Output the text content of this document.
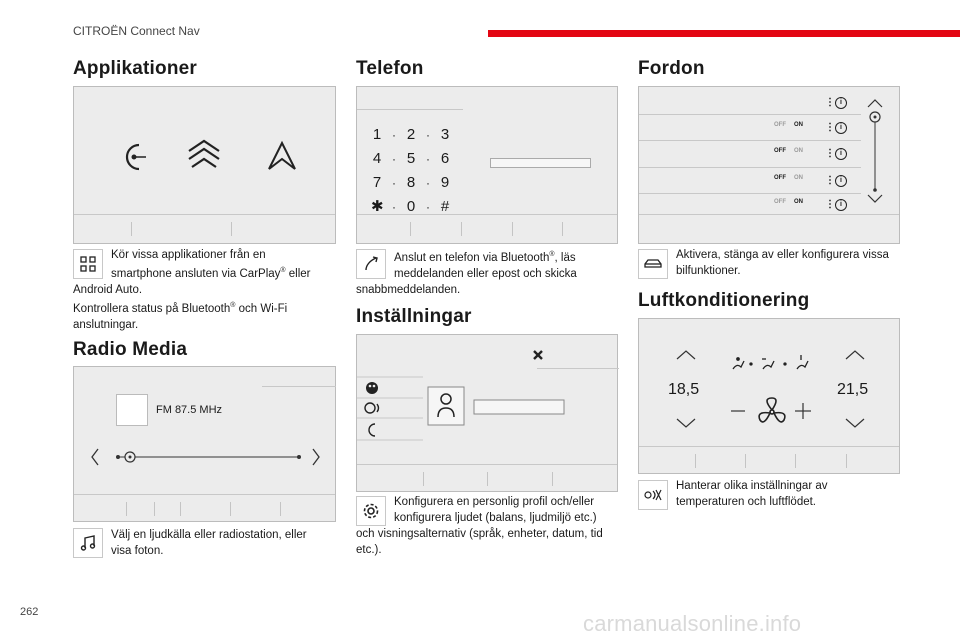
CITROËN Connect Nav
Applikationer
Kör vissa applikationer från en
smartphone ansluten via CarPlay® eller
Android Auto.
Kontrollera status på Bluetooth® och Wi-Fi
anslutningar.
Radio Media
FM 87.5 MHz
Välj en ljudkälla eller radiostation, eller
visa foton.
Telefon
1 · 2 · 3
4 · 5 · 6
7 · 8 · 9
✱ · 0 · #
Anslut en telefon via Bluetooth®, läs
meddelanden eller epost och skicka
snabbmeddelanden.
Inställningar
Konfigurera en personlig profil och/eller
konfigurera ljudet (balans, ljudmiljö etc.)
och visningsalternativ (språk, enheter, datum, tid
etc.).
Fordon
⋮ i
OFF ON ⋮ i
OFF ON ⋮ i
OFF ON ⋮ i
OFF ON ⋮ i
Aktivera, stänga av eller konfigurera vissa
bilfunktioner.
Luftkonditionering
18,5	21,5
Hanterar olika inställningar av
temperaturen och luftflödet.
262	carmanualsonline.info
